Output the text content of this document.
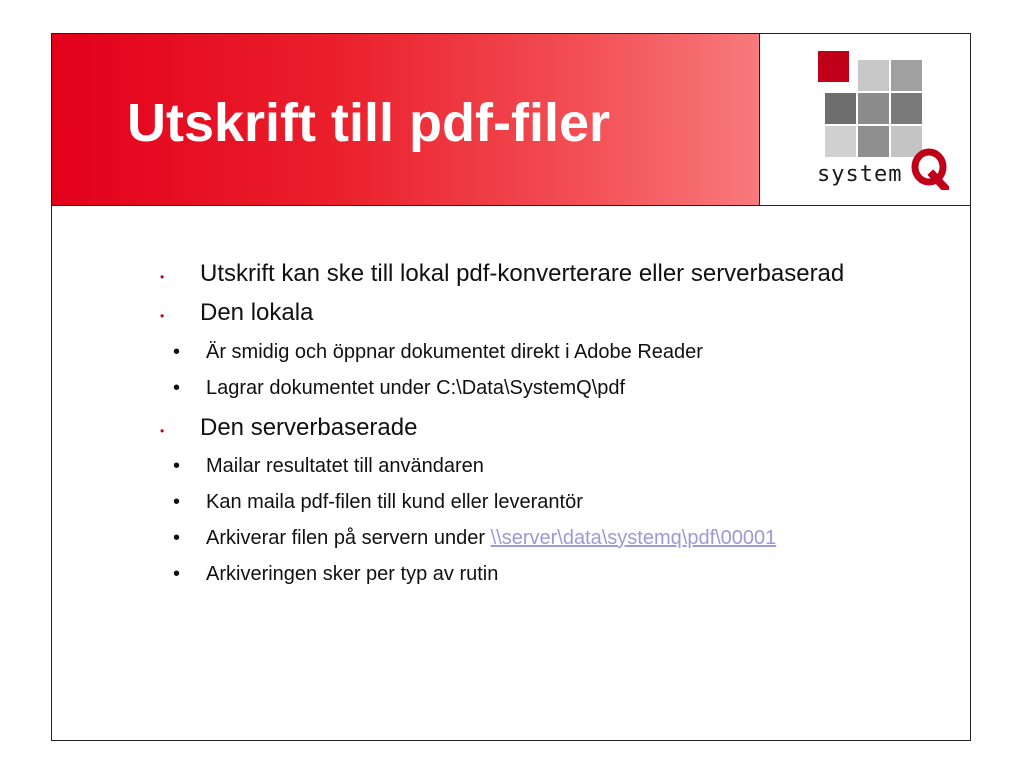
Utskrift till pdf-filer
system
• Utskrift kan ske till lokal pdf-konverterare eller serverbaserad
• Den lokala
• Är smidig och öppnar dokumentet direkt i Adobe Reader
• Lagrar dokumentet under C:\Data\SystemQ\pdf
• Den serverbaserade
• Mailar resultatet till användaren
• Kan maila pdf-filen till kund eller leverantör
• Arkiverar filen på servern under \\server\data\systemq\pdf\00001
• Arkiveringen sker per typ av rutin
